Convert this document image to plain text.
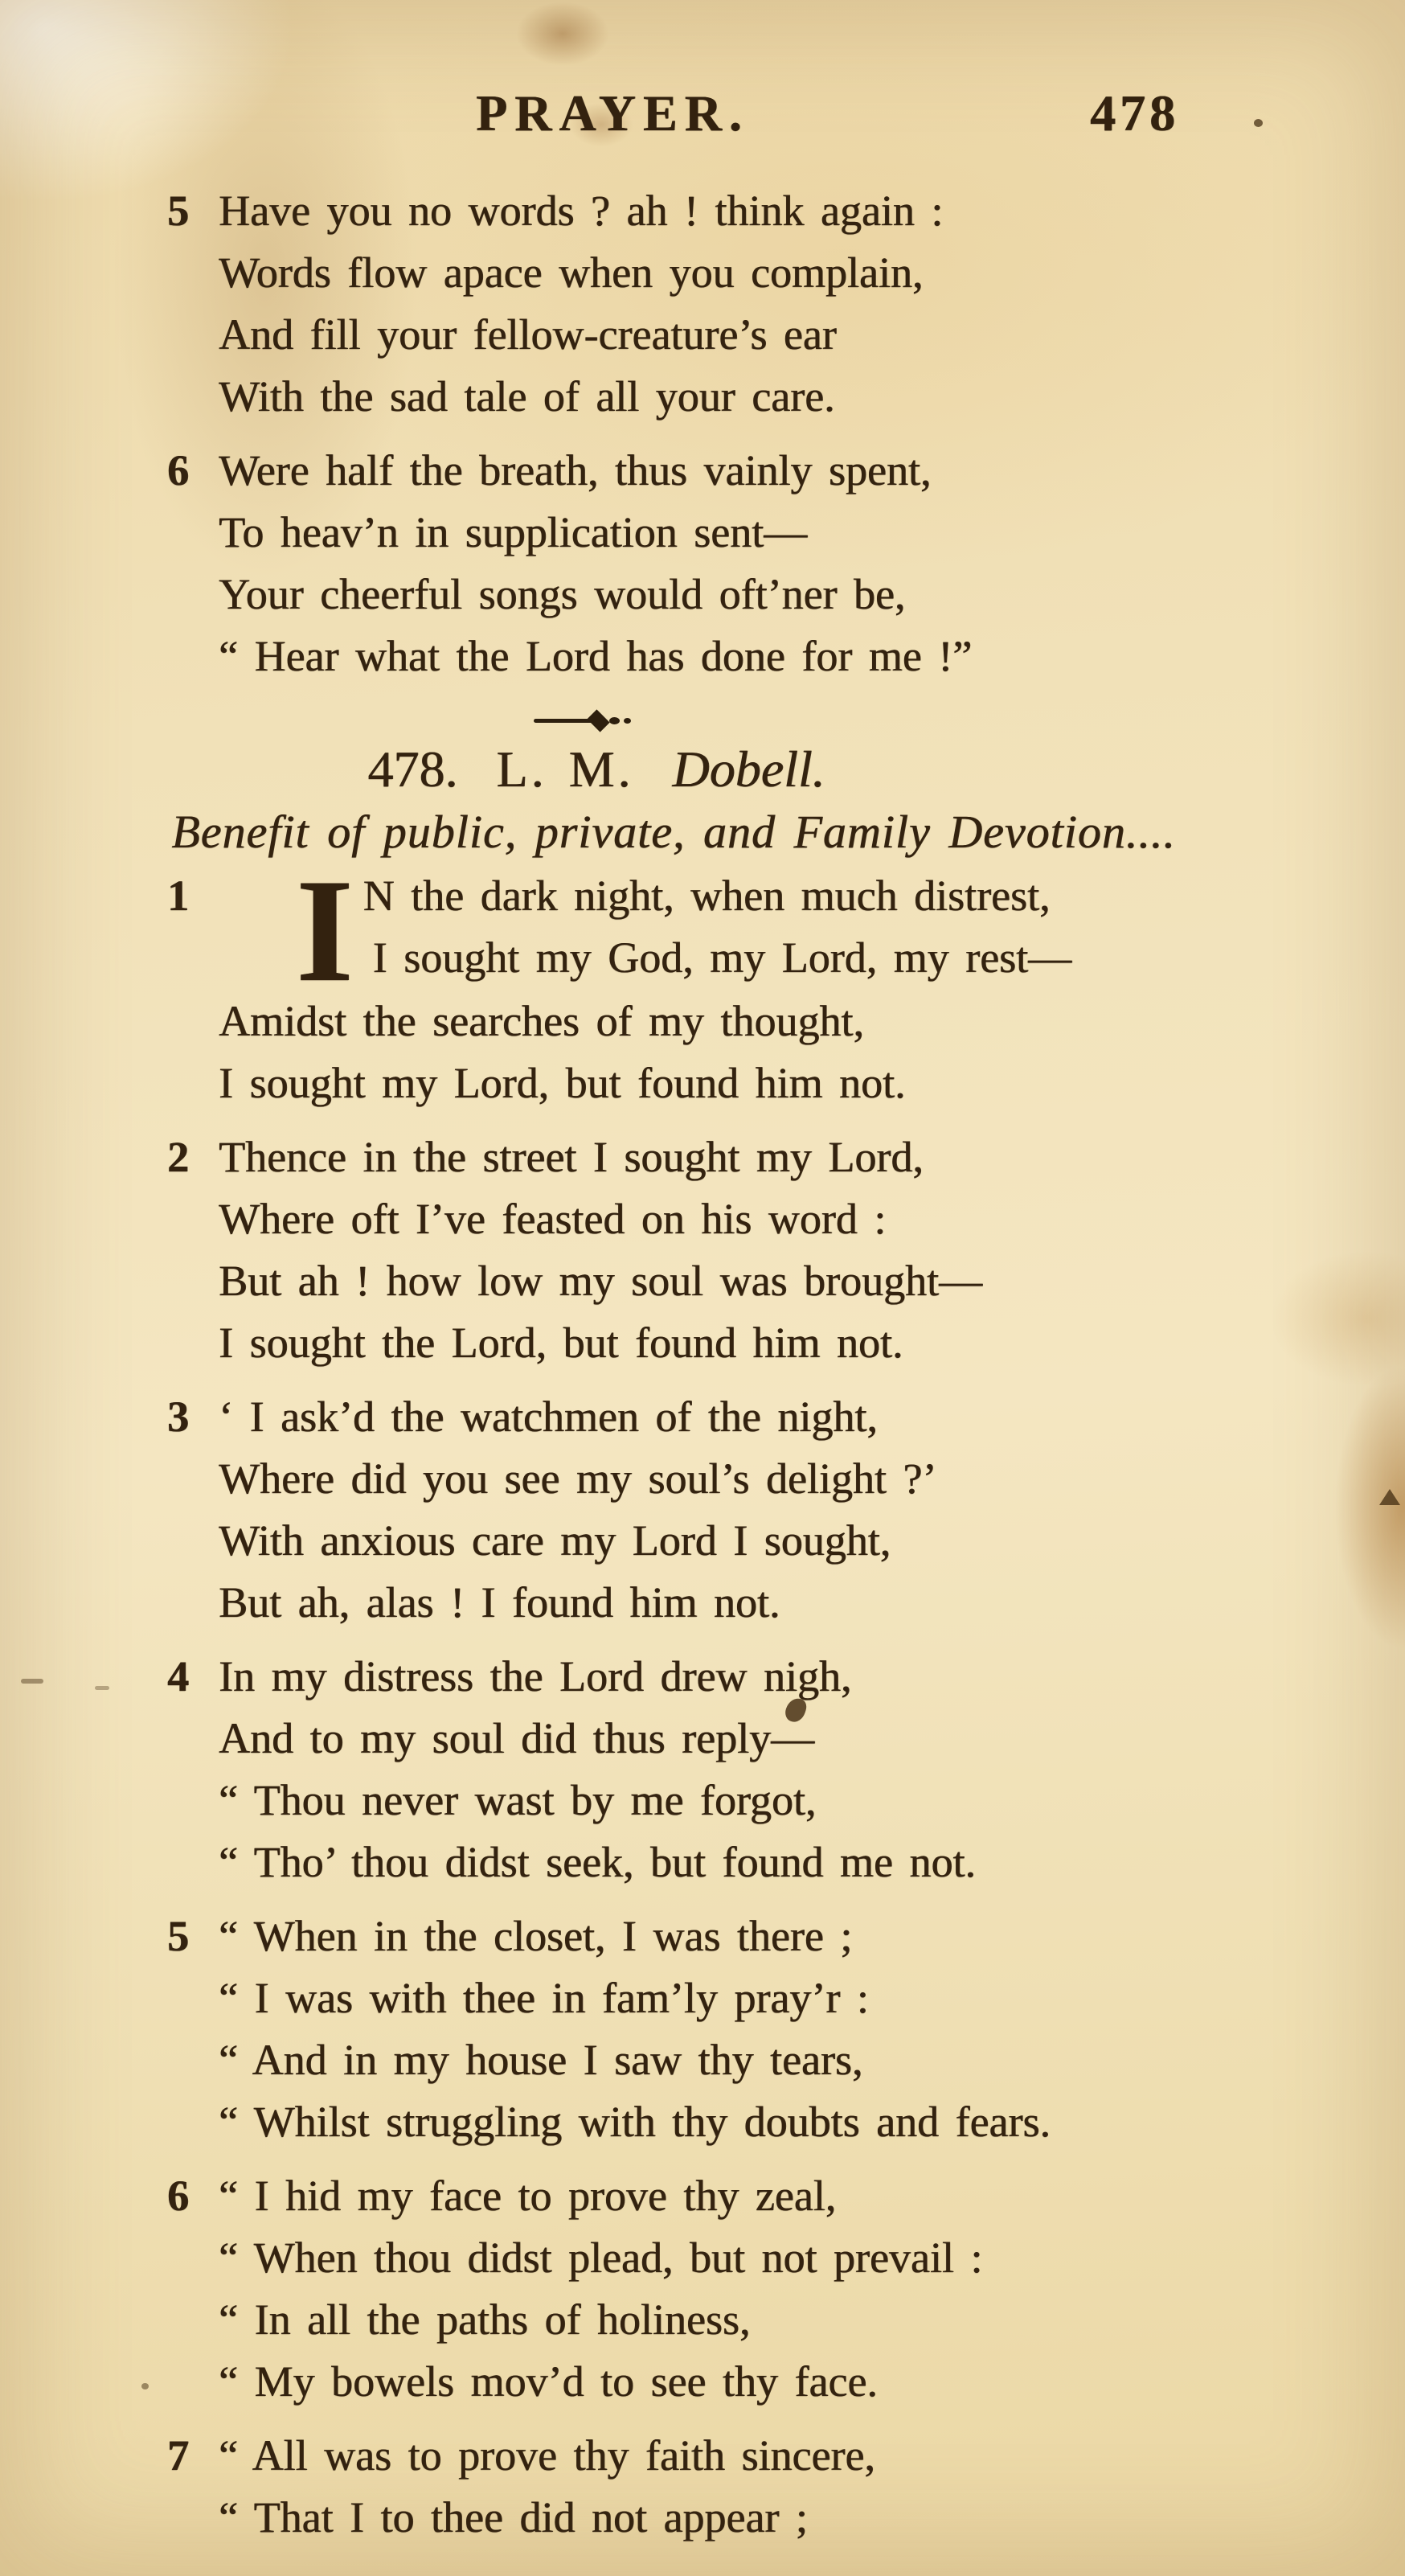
PRAYER.	478
5 Have you no words ? ah ! think again :
Words flow apace when you complain,
And fill your fellow-creature’s ear
With the sad tale of all your care.
6 Were half the breath, thus vainly spent,
To heav’n in supplication sent—
Your cheerful songs would oft’ner be,
“ Hear what the Lord has done for me !”
478. L. M. Dobell.
Benefit of public, private, and Family Devotion....
1 I N the dark night, when much distrest,
I sought my God, my Lord, my rest—
Amidst the searches of my thought,
I sought my Lord, but found him not.
2 Thence in the street I sought my Lord,
Where oft I’ve feasted on his word :
But ah ! how low my soul was brought—
I sought the Lord, but found him not.
3 ‘ I ask’d the watchmen of the night,
Where did you see my soul’s delight ?’
With anxious care my Lord I sought,
But ah, alas ! I found him not.
4 In my distress the Lord drew nigh,
And to my soul did thus reply—
“ Thou never wast by me forgot,
“ Tho’ thou didst seek, but found me not.
5 “ When in the closet, I was there ;
“ I was with thee in fam’ly pray’r :
“ And in my house I saw thy tears,
“ Whilst struggling with thy doubts and fears.
6 “ I hid my face to prove thy zeal,
“ When thou didst plead, but not prevail :
“ In all the paths of holiness,
“ My bowels mov’d to see thy face.
7 “ All was to prove thy faith sincere,
“ That I to thee did not appear ;
